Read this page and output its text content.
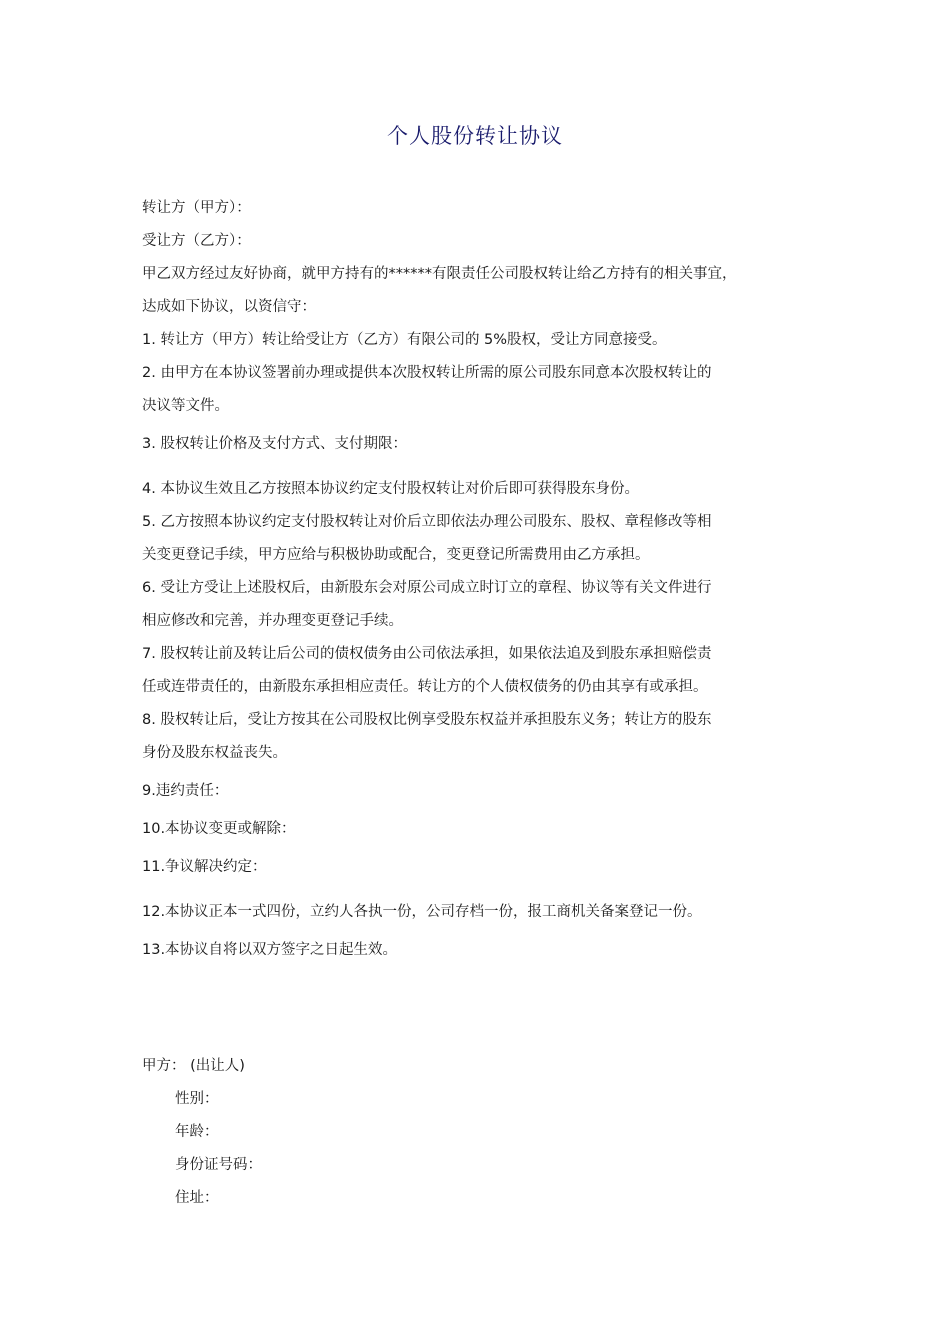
个人股份转让协议
转让方（甲方）：
受让方（乙方）：
甲乙双方经过友好协商，就甲方持有的******有限责任公司股权转让给乙方持有的相关事宜，
达成如下协议，以资信守：
1. 转让方（甲方）转让给受让方（乙方）有限公司的 5%股权，受让方同意接受。
2. 由甲方在本协议签署前办理或提供本次股权转让所需的原公司股东同意本次股权转让的
决议等文件。
3. 股权转让价格及支付方式、支付期限：
4. 本协议生效且乙方按照本协议约定支付股权转让对价后即可获得股东身份。
5. 乙方按照本协议约定支付股权转让对价后立即依法办理公司股东、股权、章程修改等相
关变更登记手续，甲方应给与积极协助或配合，变更登记所需费用由乙方承担。
6. 受让方受让上述股权后，由新股东会对原公司成立时订立的章程、协议等有关文件进行
相应修改和完善，并办理变更登记手续。
7. 股权转让前及转让后公司的债权债务由公司依法承担，如果依法追及到股东承担赔偿责
任或连带责任的，由新股东承担相应责任。转让方的个人债权债务的仍由其享有或承担。
8. 股权转让后，受让方按其在公司股权比例享受股东权益并承担股东义务；转让方的股东
身份及股东权益丧失。
9.违约责任：
10.本协议变更或解除：
11.争议解决约定：
12.本协议正本一式四份，立约人各执一份，公司存档一份，报工商机关备案登记一份。
13.本协议自将以双方签字之日起生效。
甲方： (出让人)
性别：
年龄：
身份证号码：
住址：
